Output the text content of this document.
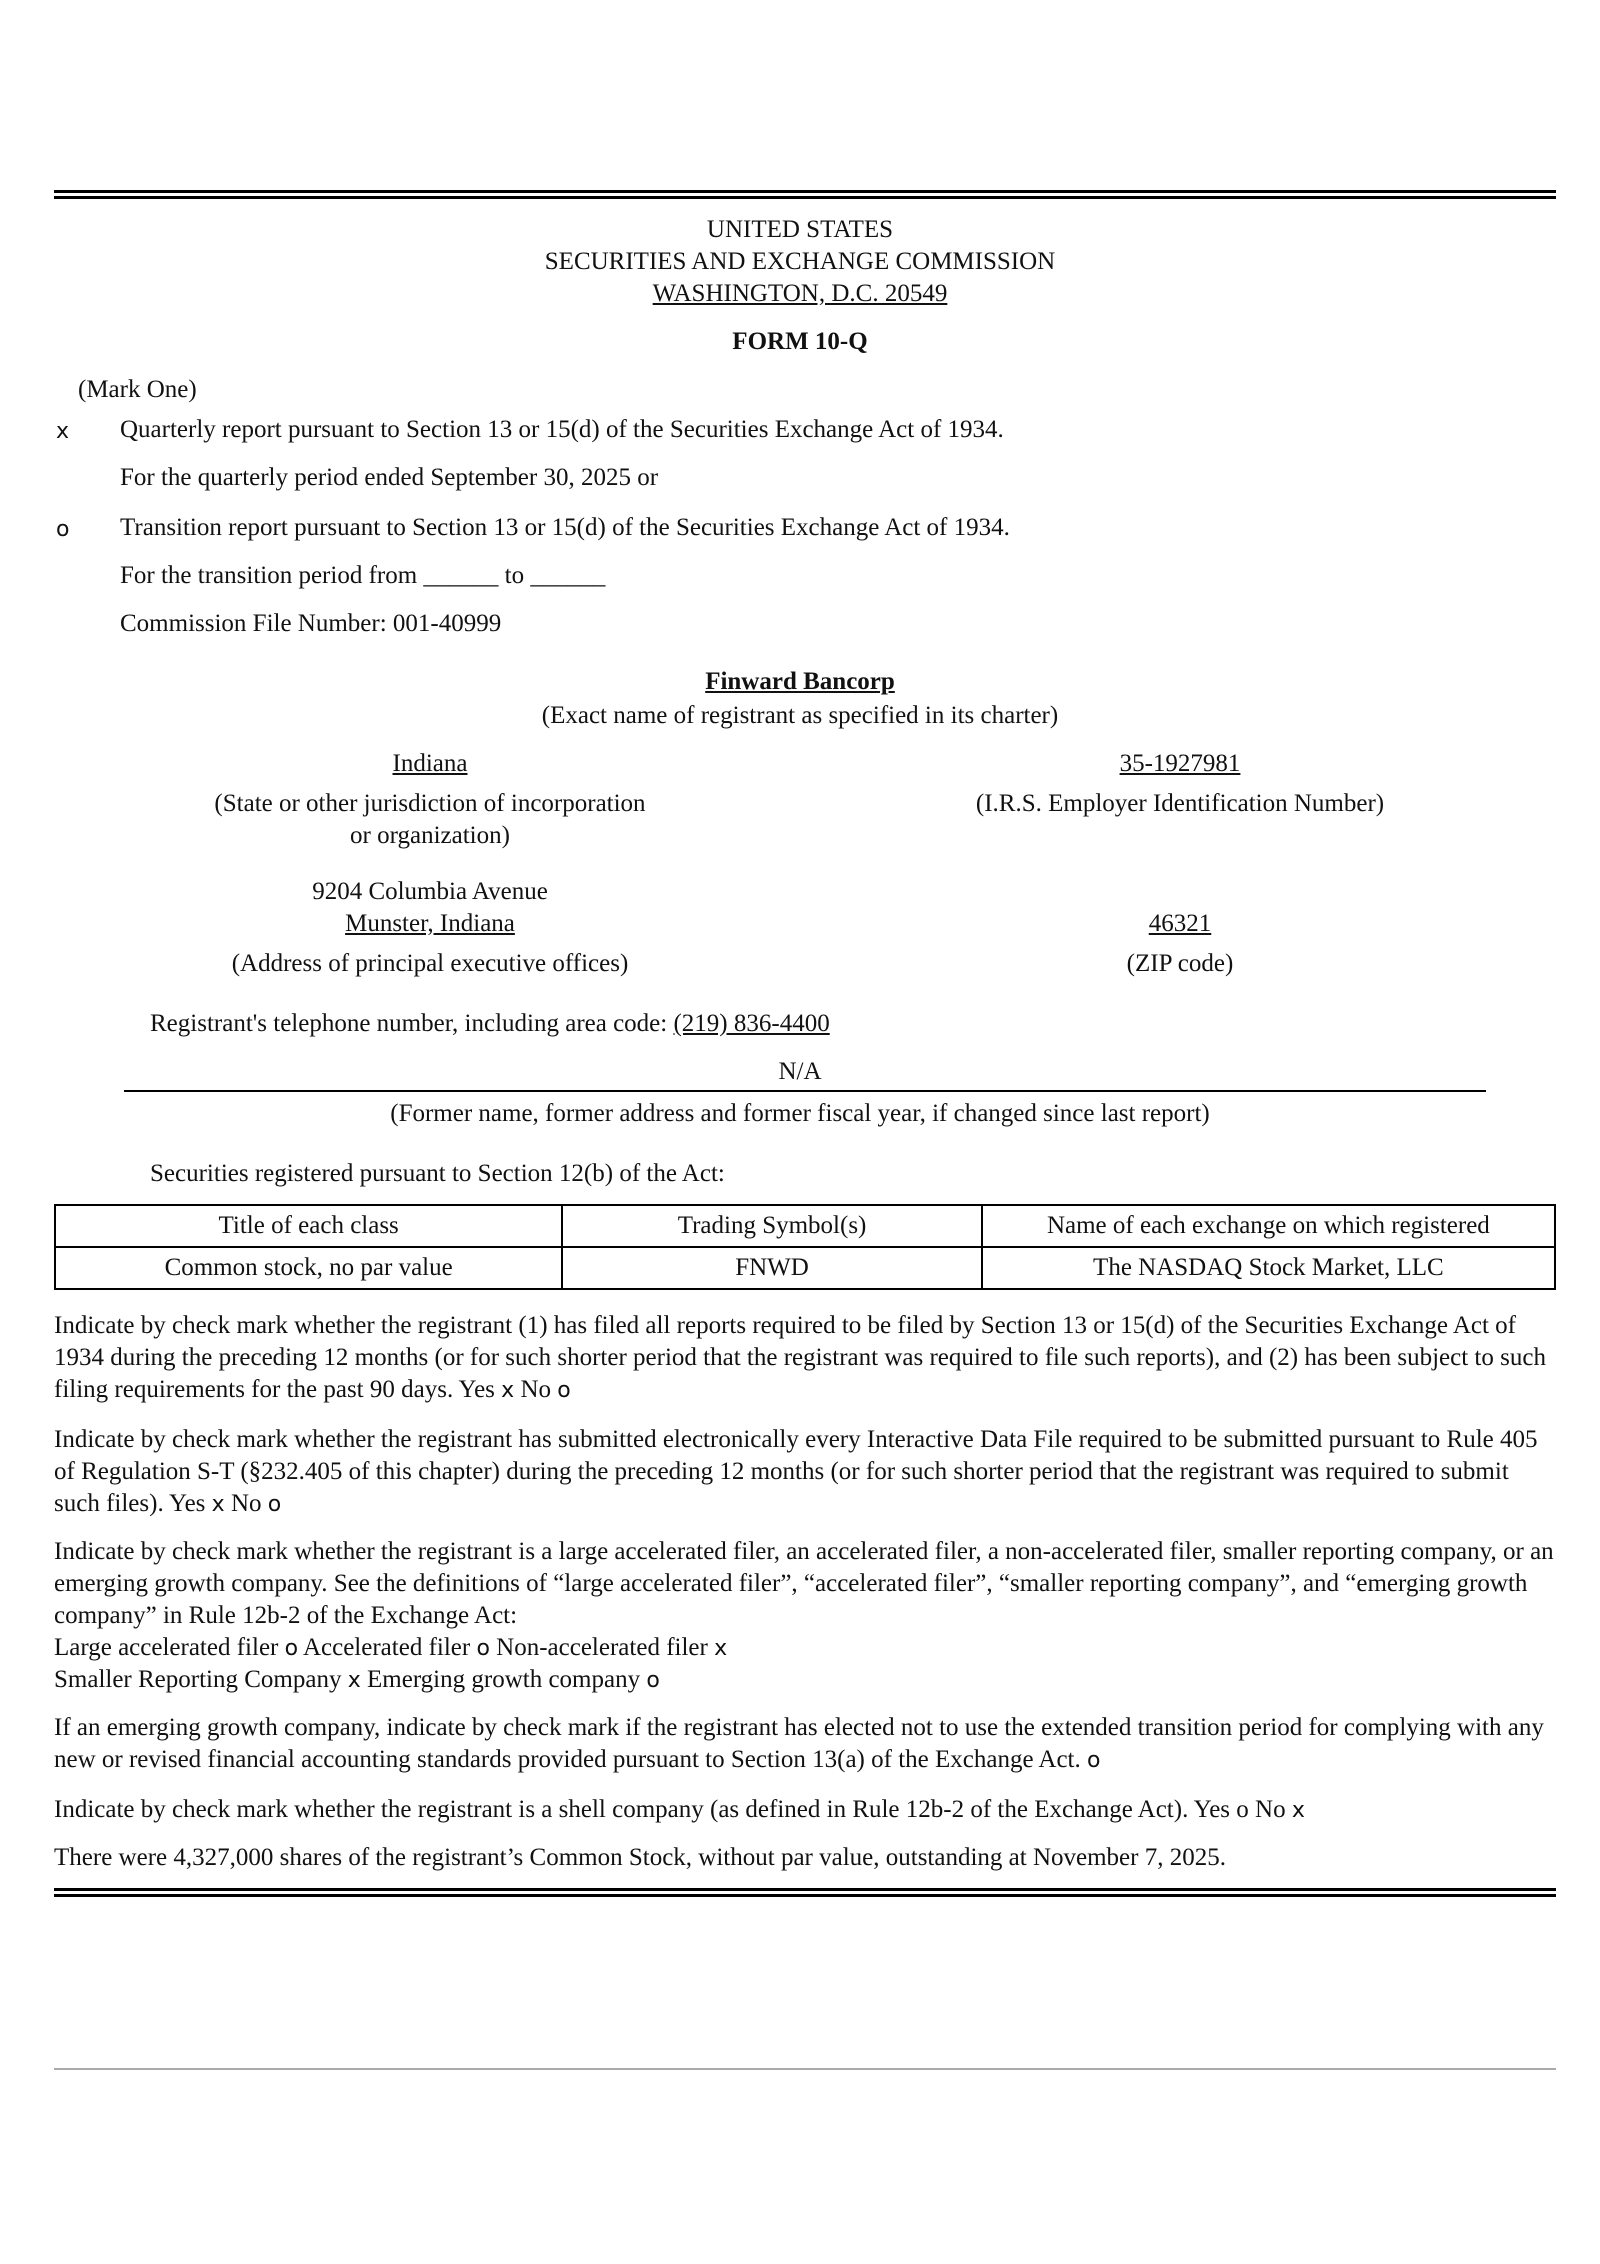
UNITED STATES
SECURITIES AND EXCHANGE COMMISSION
WASHINGTON, D.C. 20549
FORM 10-Q
(Mark One)
x Quarterly report pursuant to Section 13 or 15(d) of the Securities Exchange Act of 1934.
For the quarterly period ended September 30, 2025 or
o Transition report pursuant to Section 13 or 15(d) of the Securities Exchange Act of 1934.
For the transition period from ______ to ______
Commission File Number: 001-40999
Finward Bancorp
(Exact name of registrant as specified in its charter)
Indiana
(State or other jurisdiction of incorporation
or organization)
35-1927981
(I.R.S. Employer Identification Number)
9204 Columbia Avenue
Munster, Indiana
(Address of principal executive offices)
46321
(ZIP code)
Registrant's telephone number, including area code: (219) 836-4400
N/A
(Former name, former address and former fiscal year, if changed since last report)
Securities registered pursuant to Section 12(b) of the Act:
Title of each class	Trading Symbol(s)	Name of each exchange on which registered
Common stock, no par value	FNWD	The NASDAQ Stock Market, LLC
Indicate by check mark whether the registrant (1) has filed all reports required to be filed by Section 13 or 15(d) of the Securities Exchange Act of 1934 during the preceding 12 months (or for such shorter period that the registrant was required to file such reports), and (2) has been subject to such filing requirements for the past 90 days. Yes x No o
Indicate by check mark whether the registrant has submitted electronically every Interactive Data File required to be submitted pursuant to Rule 405 of Regulation S-T (§232.405 of this chapter) during the preceding 12 months (or for such shorter period that the registrant was required to submit such files). Yes x No o
Indicate by check mark whether the registrant is a large accelerated filer, an accelerated filer, a non-accelerated filer, smaller reporting company, or an emerging growth company. See the definitions of “large accelerated filer”, “accelerated filer”, “smaller reporting company”, and “emerging growth company” in Rule 12b-2 of the Exchange Act:
Large accelerated filer o Accelerated filer o Non-accelerated filer x
Smaller Reporting Company x Emerging growth company o
If an emerging growth company, indicate by check mark if the registrant has elected not to use the extended transition period for complying with any new or revised financial accounting standards provided pursuant to Section 13(a) of the Exchange Act. o
Indicate by check mark whether the registrant is a shell company (as defined in Rule 12b-2 of the Exchange Act). Yes o No x
There were 4,327,000 shares of the registrant’s Common Stock, without par value, outstanding at November 7, 2025.
